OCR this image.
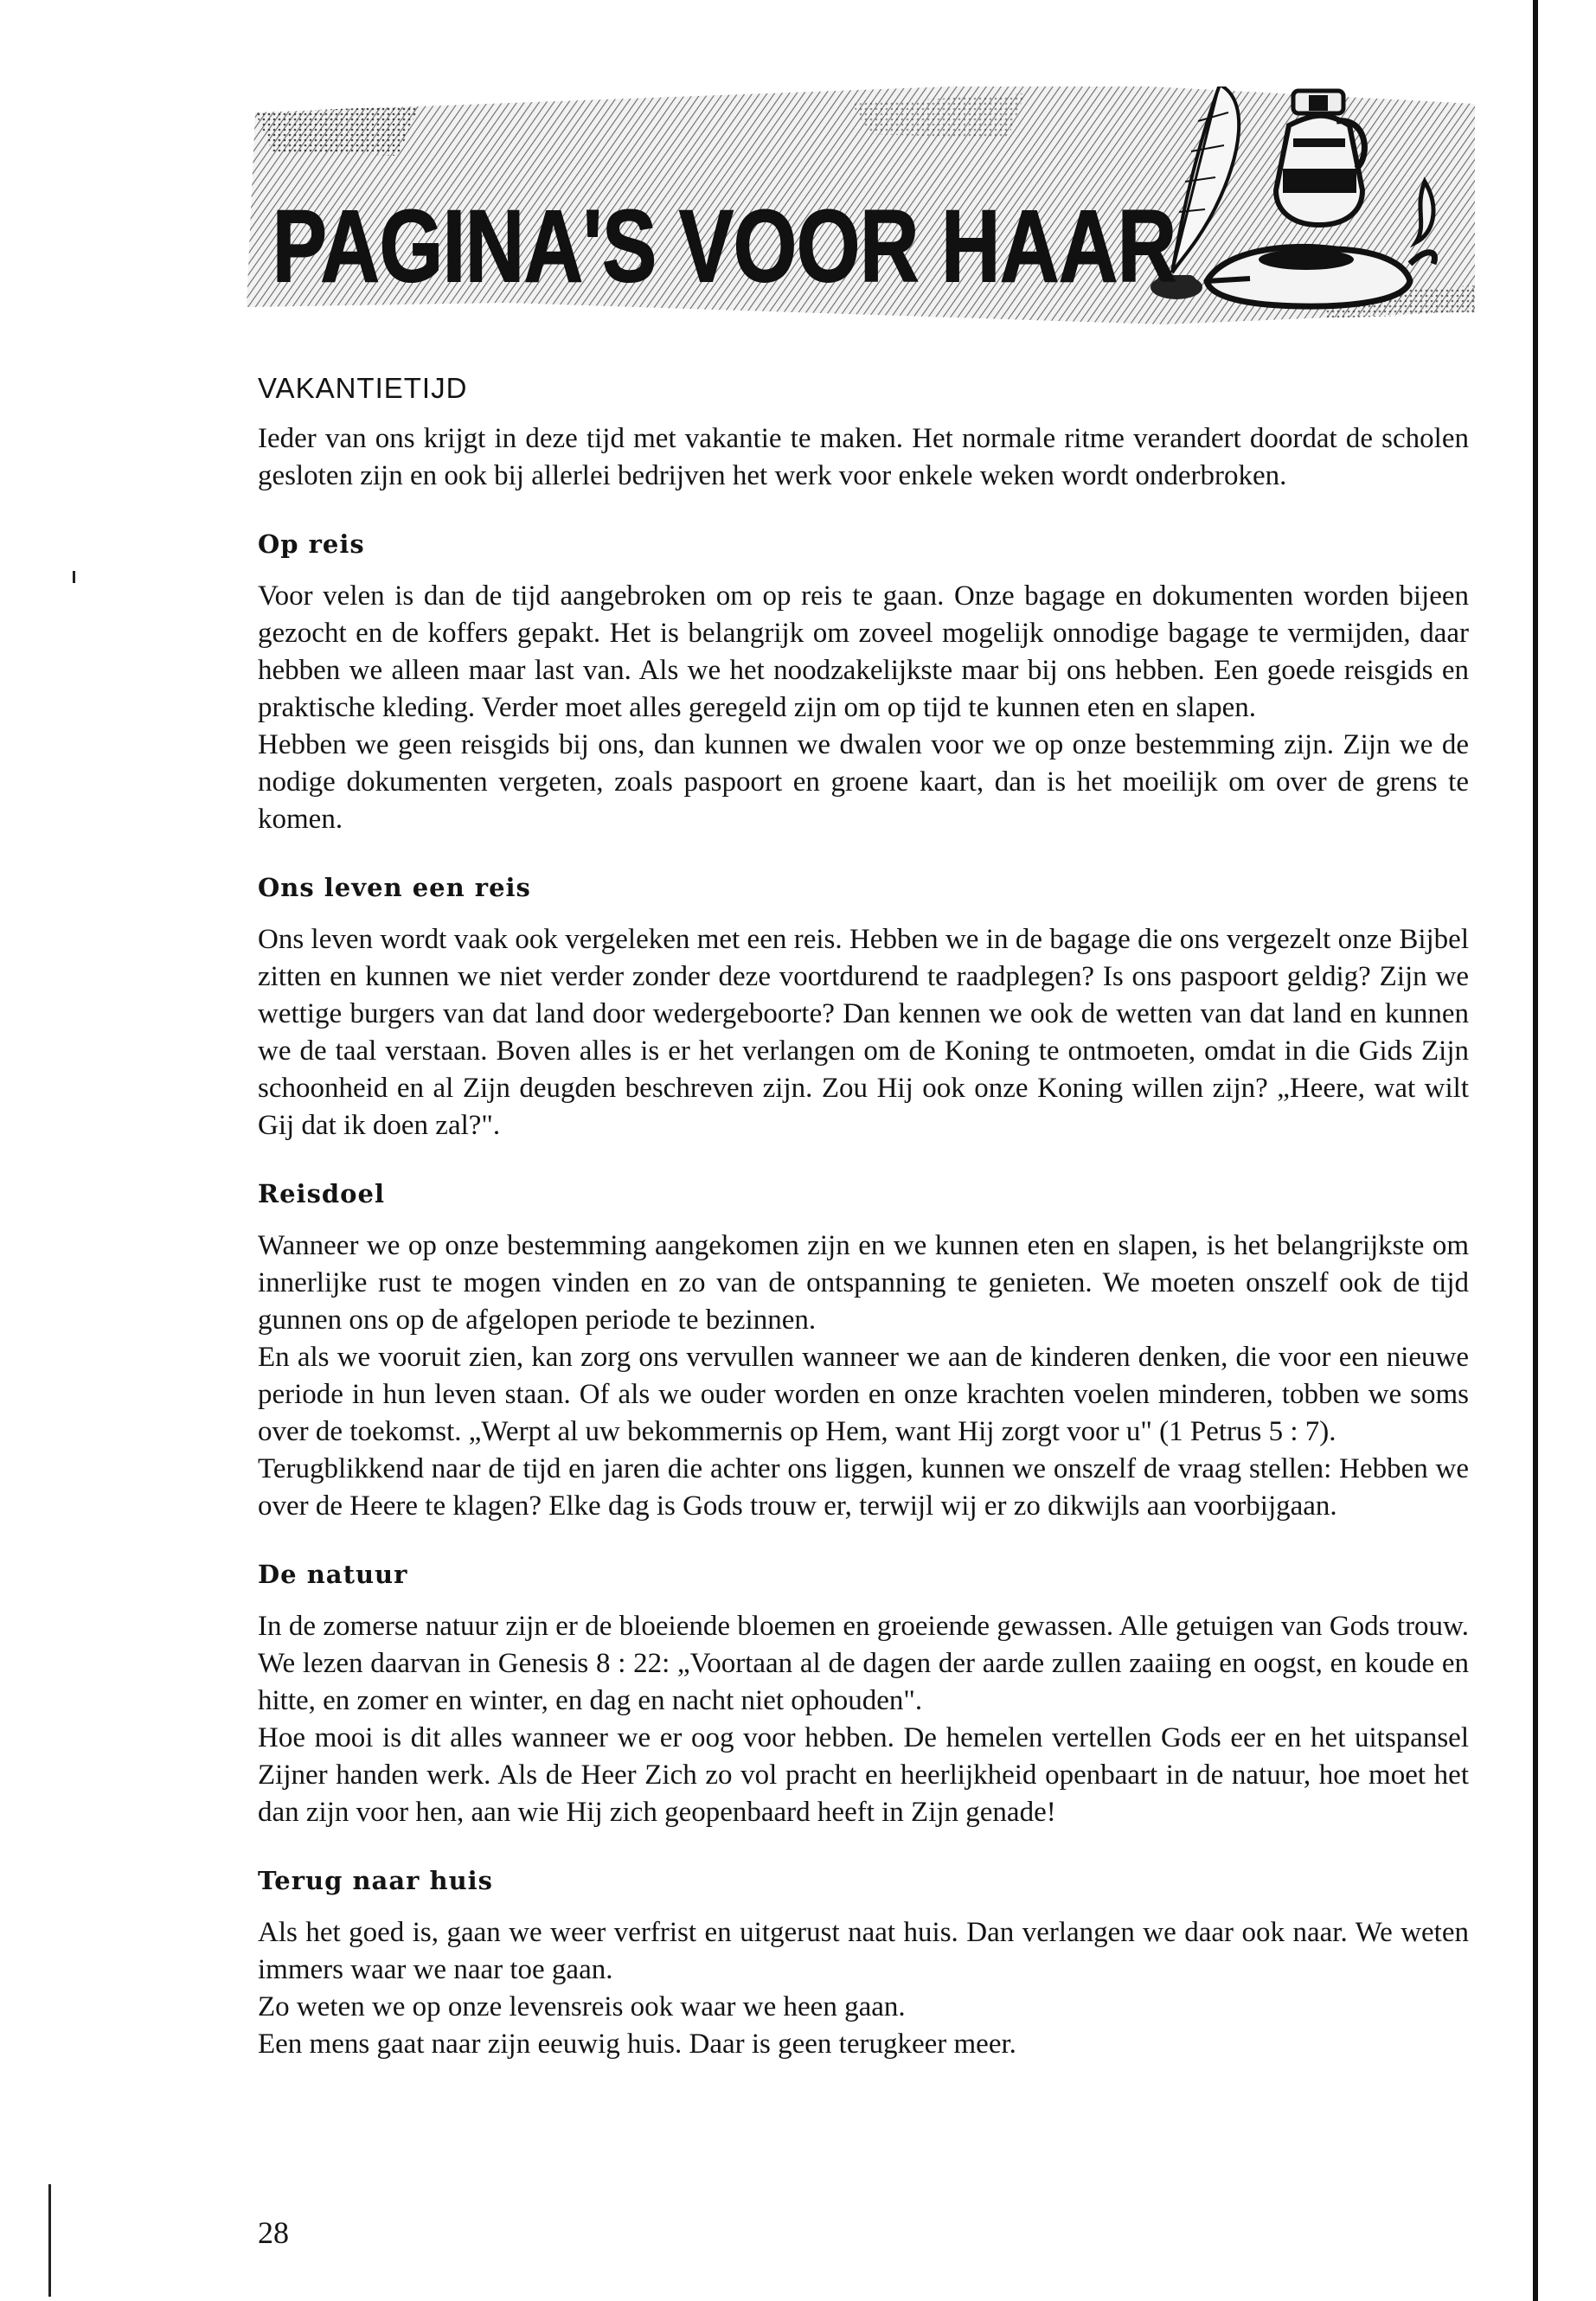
PAGINA'S VOOR HAAR
VAKANTIETIJD

Ieder van ons krijgt in deze tijd met vakantie te maken. Het normale ritme verandert doordat de scholen gesloten zijn en ook bij allerlei bedrijven het werk voor enkele weken wordt onderbroken.

Op reis

Voor velen is dan de tijd aangebroken om op reis te gaan. Onze bagage en dokumenten worden bijeen gezocht en de koffers gepakt. Het is belangrijk om zoveel mogelijk onnodige bagage te vermijden, daar hebben we alleen maar last van. Als we het noodzakelijkste maar bij ons hebben. Een goede reisgids en praktische kleding. Verder moet alles geregeld zijn om op tijd te kunnen eten en slapen.

Hebben we geen reisgids bij ons, dan kunnen we dwalen voor we op onze bestemming zijn. Zijn we de nodige dokumenten vergeten, zoals paspoort en groene kaart, dan is het moeilijk om over de grens te komen.

Ons leven een reis

Ons leven wordt vaak ook vergeleken met een reis. Hebben we in de bagage die ons vergezelt onze Bijbel zitten en kunnen we niet verder zonder deze voortdurend te raadplegen? Is ons paspoort geldig? Zijn we wettige burgers van dat land door wedergeboorte? Dan kennen we ook de wetten van dat land en kunnen we de taal verstaan. Boven alles is er het verlangen om de Koning te ontmoeten, omdat in die Gids Zijn schoonheid en al Zijn deugden beschreven zijn. Zou Hij ook onze Koning willen zijn? „Heere, wat wilt Gij dat ik doen zal?".

Reisdoel

Wanneer we op onze bestemming aangekomen zijn en we kunnen eten en slapen, is het belangrijkste om innerlijke rust te mogen vinden en zo van de ontspanning te genieten. We moeten onszelf ook de tijd gunnen ons op de afgelopen periode te bezinnen.

En als we vooruit zien, kan zorg ons vervullen wanneer we aan de kinderen denken, die voor een nieuwe periode in hun leven staan. Of als we ouder worden en onze krachten voelen minderen, tobben we soms over de toekomst. „Werpt al uw bekommernis op Hem, want Hij zorgt voor u" (1 Petrus 5 : 7).

Terugblikkend naar de tijd en jaren die achter ons liggen, kunnen we onszelf de vraag stellen: Hebben we over de Heere te klagen? Elke dag is Gods trouw er, terwijl wij er zo dikwijls aan voorbijgaan.

De natuur

In de zomerse natuur zijn er de bloeiende bloemen en groeiende gewassen. Alle getuigen van Gods trouw. We lezen daarvan in Genesis 8 : 22: „Voortaan al de dagen der aarde zullen zaaiing en oogst, en koude en hitte, en zomer en winter, en dag en nacht niet ophouden".

Hoe mooi is dit alles wanneer we er oog voor hebben. De hemelen vertellen Gods eer en het uitspansel Zijner handen werk. Als de Heer Zich zo vol pracht en heerlijkheid openbaart in de natuur, hoe moet het dan zijn voor hen, aan wie Hij zich geopenbaard heeft in Zijn genade!

Terug naar huis

Als het goed is, gaan we weer verfrist en uitgerust naat huis. Dan verlangen we daar ook naar. We weten immers waar we naar toe gaan.

Zo weten we op onze levensreis ook waar we heen gaan.

Een mens gaat naar zijn eeuwig huis. Daar is geen terugkeer meer.

28
